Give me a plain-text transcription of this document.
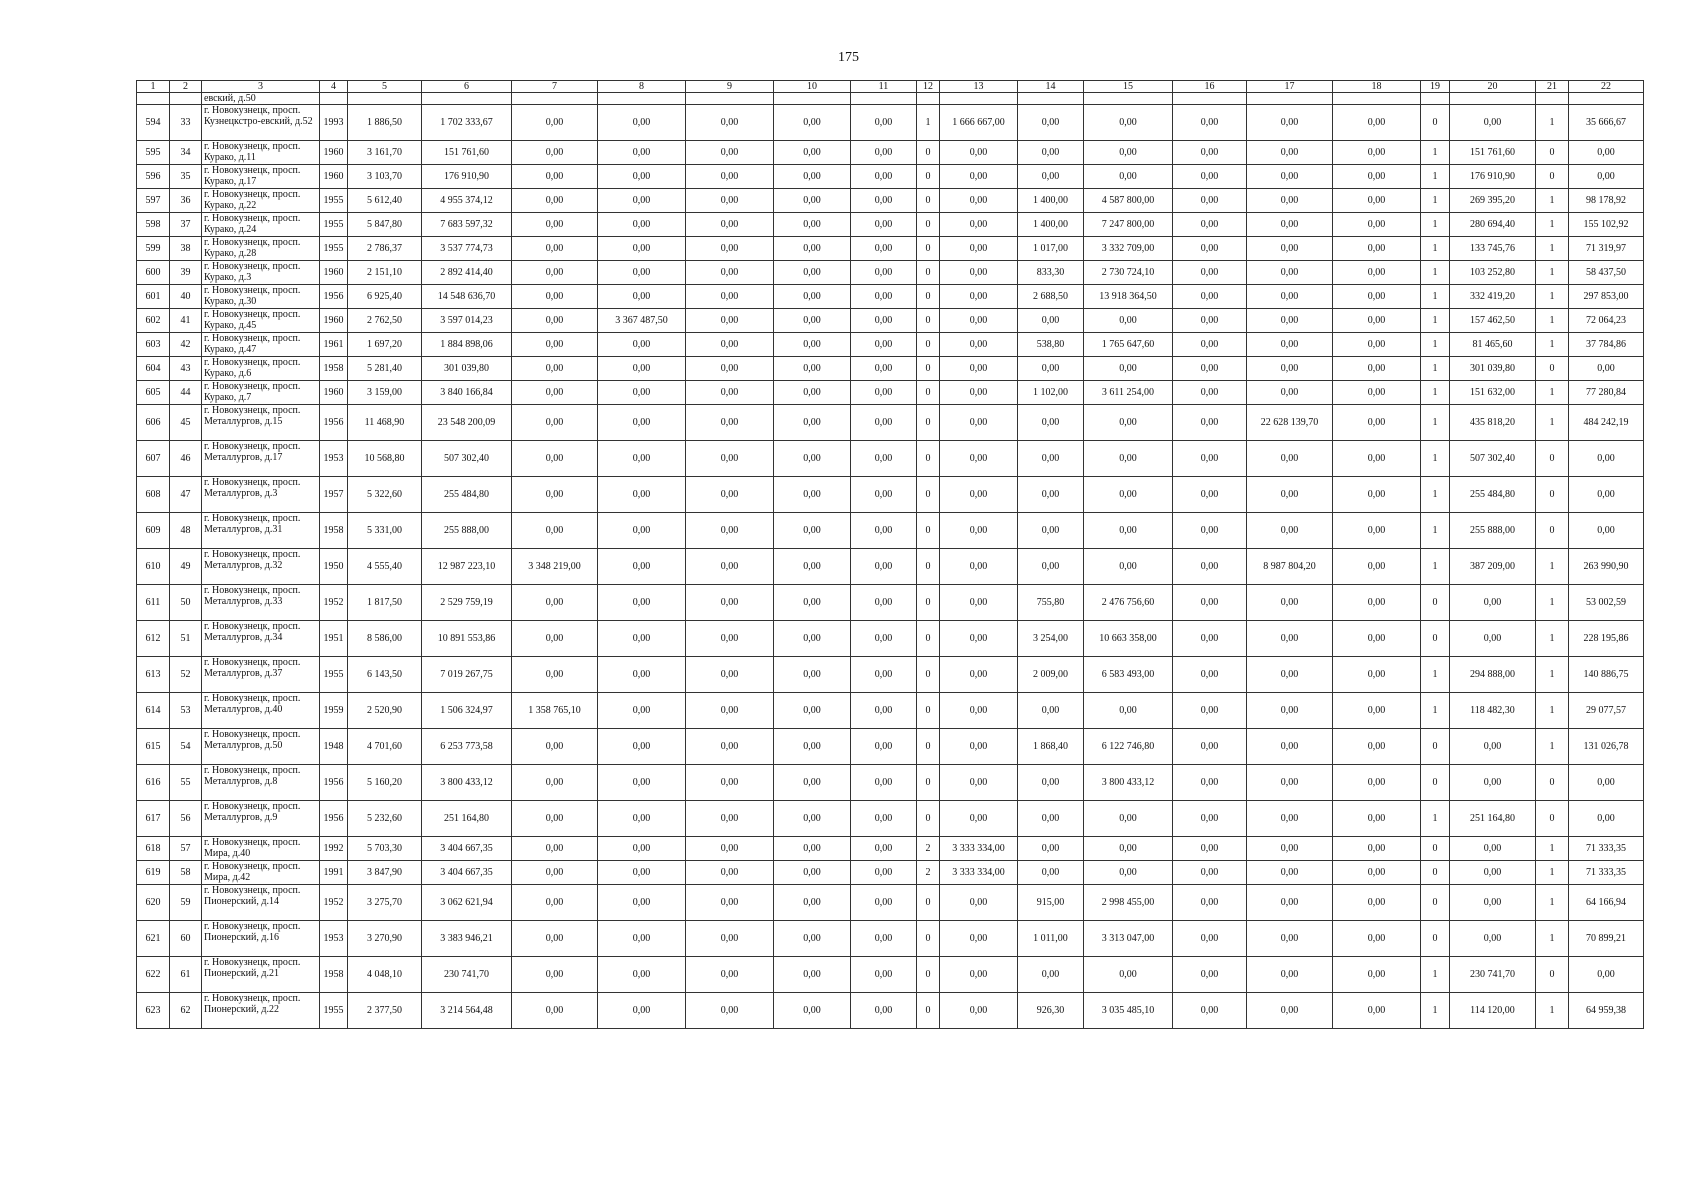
175
1	2	3	4	5	6	7	8	9	10	11	12	13	14	15	16	17	18	19	20	21	22
		евский, д.50																			
594	33	г. Новокузнецк, просп. Кузнецкстро-евский, д.52	1993	1 886,50	1 702 333,67	0,00	0,00	0,00	0,00	0,00	1	1 666 667,00	0,00	0,00	0,00	0,00	0,00	0	0,00	1	35 666,67
595	34	г. Новокузнецк, просп. Курако, д.11	1960	3 161,70	151 761,60	0,00	0,00	0,00	0,00	0,00	0	0,00	0,00	0,00	0,00	0,00	0,00	1	151 761,60	0	0,00
596	35	г. Новокузнецк, просп. Курако, д.17	1960	3 103,70	176 910,90	0,00	0,00	0,00	0,00	0,00	0	0,00	0,00	0,00	0,00	0,00	0,00	1	176 910,90	0	0,00
597	36	г. Новокузнецк, просп. Курако, д.22	1955	5 612,40	4 955 374,12	0,00	0,00	0,00	0,00	0,00	0	0,00	1 400,00	4 587 800,00	0,00	0,00	0,00	1	269 395,20	1	98 178,92
598	37	г. Новокузнецк, просп. Курако, д.24	1955	5 847,80	7 683 597,32	0,00	0,00	0,00	0,00	0,00	0	0,00	1 400,00	7 247 800,00	0,00	0,00	0,00	1	280 694,40	1	155 102,92
599	38	г. Новокузнецк, просп. Курако, д.28	1955	2 786,37	3 537 774,73	0,00	0,00	0,00	0,00	0,00	0	0,00	1 017,00	3 332 709,00	0,00	0,00	0,00	1	133 745,76	1	71 319,97
600	39	г. Новокузнецк, просп. Курако, д.3	1960	2 151,10	2 892 414,40	0,00	0,00	0,00	0,00	0,00	0	0,00	833,30	2 730 724,10	0,00	0,00	0,00	1	103 252,80	1	58 437,50
601	40	г. Новокузнецк, просп. Курако, д.30	1956	6 925,40	14 548 636,70	0,00	0,00	0,00	0,00	0,00	0	0,00	2 688,50	13 918 364,50	0,00	0,00	0,00	1	332 419,20	1	297 853,00
602	41	г. Новокузнецк, просп. Курако, д.45	1960	2 762,50	3 597 014,23	0,00	3 367 487,50	0,00	0,00	0,00	0	0,00	0,00	0,00	0,00	0,00	0,00	1	157 462,50	1	72 064,23
603	42	г. Новокузнецк, просп. Курако, д.47	1961	1 697,20	1 884 898,06	0,00	0,00	0,00	0,00	0,00	0	0,00	538,80	1 765 647,60	0,00	0,00	0,00	1	81 465,60	1	37 784,86
604	43	г. Новокузнецк, просп. Курако, д.6	1958	5 281,40	301 039,80	0,00	0,00	0,00	0,00	0,00	0	0,00	0,00	0,00	0,00	0,00	0,00	1	301 039,80	0	0,00
605	44	г. Новокузнецк, просп. Курако, д.7	1960	3 159,00	3 840 166,84	0,00	0,00	0,00	0,00	0,00	0	0,00	1 102,00	3 611 254,00	0,00	0,00	0,00	1	151 632,00	1	77 280,84
606	45	г. Новокузнецк, просп. Металлургов, д.15	1956	11 468,90	23 548 200,09	0,00	0,00	0,00	0,00	0,00	0	0,00	0,00	0,00	0,00	22 628 139,70	0,00	1	435 818,20	1	484 242,19
607	46	г. Новокузнецк, просп. Металлургов, д.17	1953	10 568,80	507 302,40	0,00	0,00	0,00	0,00	0,00	0	0,00	0,00	0,00	0,00	0,00	0,00	1	507 302,40	0	0,00
608	47	г. Новокузнецк, просп. Металлургов, д.3	1957	5 322,60	255 484,80	0,00	0,00	0,00	0,00	0,00	0	0,00	0,00	0,00	0,00	0,00	0,00	1	255 484,80	0	0,00
609	48	г. Новокузнецк, просп. Металлургов, д.31	1958	5 331,00	255 888,00	0,00	0,00	0,00	0,00	0,00	0	0,00	0,00	0,00	0,00	0,00	0,00	1	255 888,00	0	0,00
610	49	г. Новокузнецк, просп. Металлургов, д.32	1950	4 555,40	12 987 223,10	3 348 219,00	0,00	0,00	0,00	0,00	0	0,00	0,00	0,00	0,00	8 987 804,20	0,00	1	387 209,00	1	263 990,90
611	50	г. Новокузнецк, просп. Металлургов, д.33	1952	1 817,50	2 529 759,19	0,00	0,00	0,00	0,00	0,00	0	0,00	755,80	2 476 756,60	0,00	0,00	0,00	0	0,00	1	53 002,59
612	51	г. Новокузнецк, просп. Металлургов, д.34	1951	8 586,00	10 891 553,86	0,00	0,00	0,00	0,00	0,00	0	0,00	3 254,00	10 663 358,00	0,00	0,00	0,00	0	0,00	1	228 195,86
613	52	г. Новокузнецк, просп. Металлургов, д.37	1955	6 143,50	7 019 267,75	0,00	0,00	0,00	0,00	0,00	0	0,00	2 009,00	6 583 493,00	0,00	0,00	0,00	1	294 888,00	1	140 886,75
614	53	г. Новокузнецк, просп. Металлургов, д.40	1959	2 520,90	1 506 324,97	1 358 765,10	0,00	0,00	0,00	0,00	0	0,00	0,00	0,00	0,00	0,00	0,00	1	118 482,30	1	29 077,57
615	54	г. Новокузнецк, просп. Металлургов, д.50	1948	4 701,60	6 253 773,58	0,00	0,00	0,00	0,00	0,00	0	0,00	1 868,40	6 122 746,80	0,00	0,00	0,00	0	0,00	1	131 026,78
616	55	г. Новокузнецк, просп. Металлургов, д.8	1956	5 160,20	3 800 433,12	0,00	0,00	0,00	0,00	0,00	0	0,00	0,00	3 800 433,12	0,00	0,00	0,00	0	0,00	0	0,00
617	56	г. Новокузнецк, просп. Металлургов, д.9	1956	5 232,60	251 164,80	0,00	0,00	0,00	0,00	0,00	0	0,00	0,00	0,00	0,00	0,00	0,00	1	251 164,80	0	0,00
618	57	г. Новокузнецк, просп. Мира, д.40	1992	5 703,30	3 404 667,35	0,00	0,00	0,00	0,00	0,00	2	3 333 334,00	0,00	0,00	0,00	0,00	0,00	0	0,00	1	71 333,35
619	58	г. Новокузнецк, просп. Мира, д.42	1991	3 847,90	3 404 667,35	0,00	0,00	0,00	0,00	0,00	2	3 333 334,00	0,00	0,00	0,00	0,00	0,00	0	0,00	1	71 333,35
620	59	г. Новокузнецк, просп. Пионерский, д.14	1952	3 275,70	3 062 621,94	0,00	0,00	0,00	0,00	0,00	0	0,00	915,00	2 998 455,00	0,00	0,00	0,00	0	0,00	1	64 166,94
621	60	г. Новокузнецк, просп. Пионерский, д.16	1953	3 270,90	3 383 946,21	0,00	0,00	0,00	0,00	0,00	0	0,00	1 011,00	3 313 047,00	0,00	0,00	0,00	0	0,00	1	70 899,21
622	61	г. Новокузнецк, просп. Пионерский, д.21	1958	4 048,10	230 741,70	0,00	0,00	0,00	0,00	0,00	0	0,00	0,00	0,00	0,00	0,00	0,00	1	230 741,70	0	0,00
623	62	г. Новокузнецк, просп. Пионерский, д.22	1955	2 377,50	3 214 564,48	0,00	0,00	0,00	0,00	0,00	0	0,00	926,30	3 035 485,10	0,00	0,00	0,00	1	114 120,00	1	64 959,38
